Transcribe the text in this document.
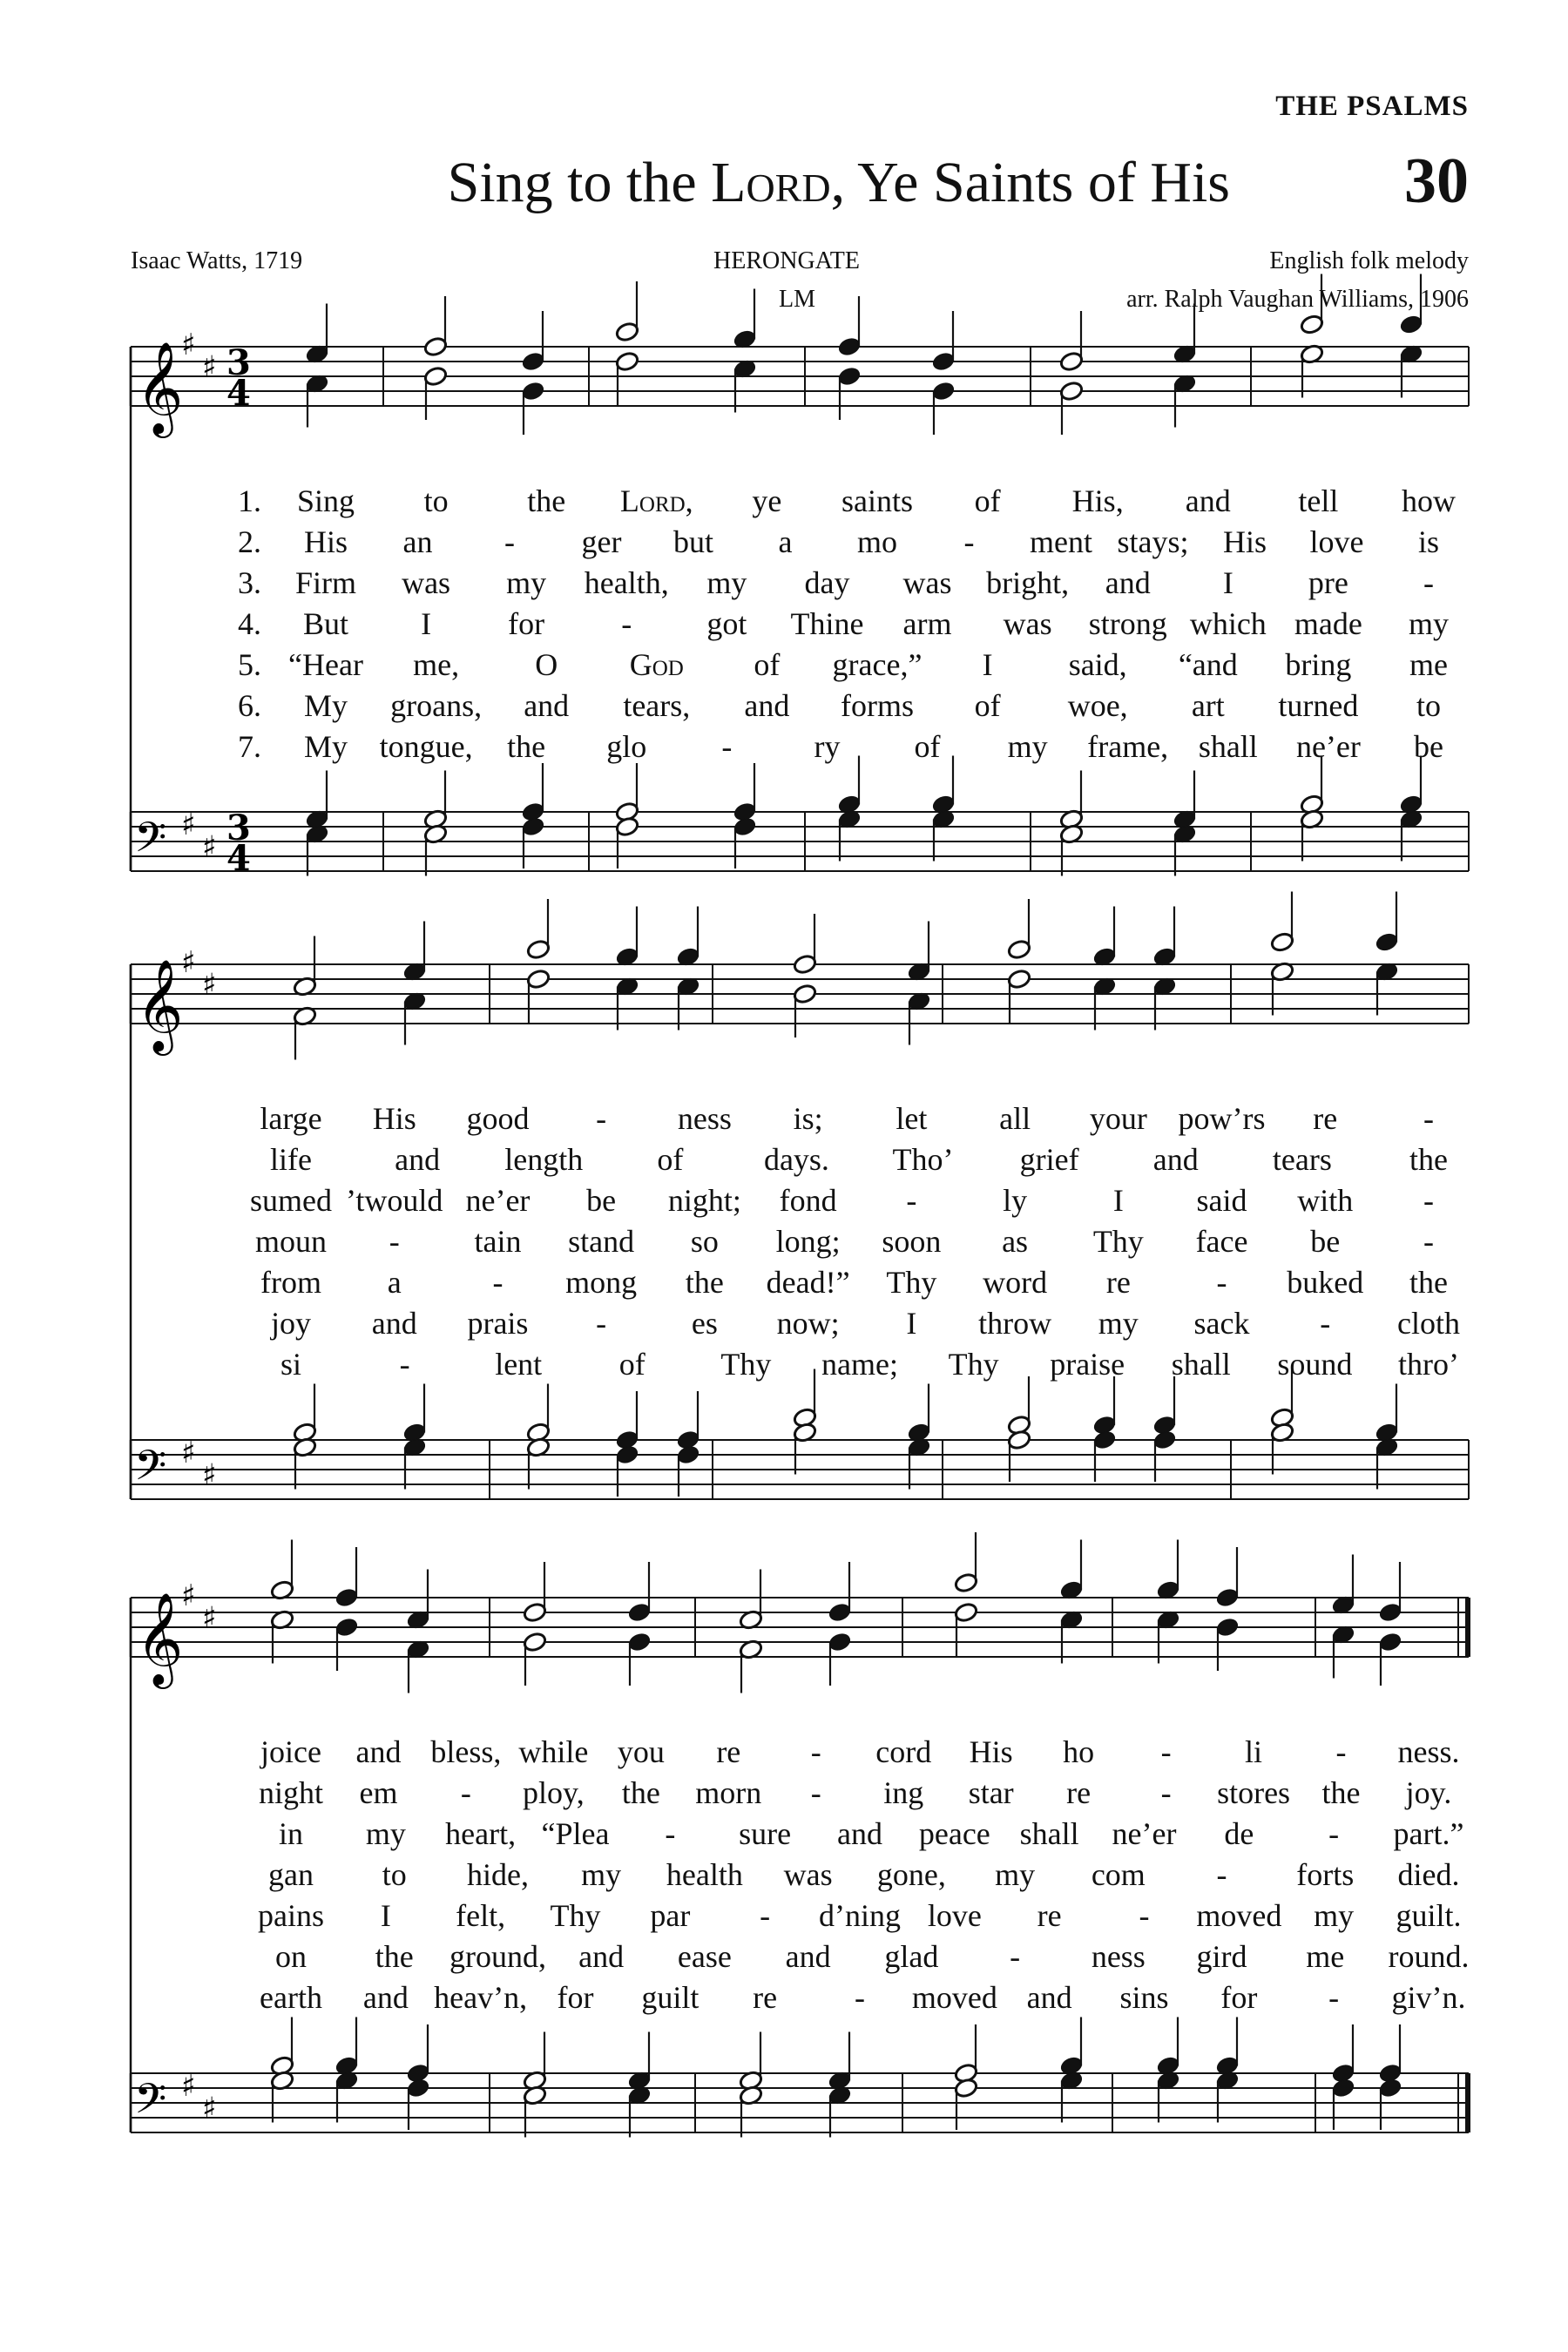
THE PSALMS
Sing to the Lord, Ye Saints of His	30
Isaac Watts, 1719	HERONGATE
LM
English folk melody
arr. Ralph Vaughan Williams, 1906
𝄞
♯
♯ 3
4
𝄢 ♯
♯ 3
4
𝄞
♯
♯
𝄢 ♯
♯
𝄞
♯
♯
𝄢 ♯
♯
1. Sing to	the Lord, ye saints of His, and tell how
2. His an - ger but a mo - ment stays; His love is
3. Firm was my health, my day was bright, and I pre -
4. But I for - got Thine arm was strong which made my
5. “Hear me, O God of grace,” I said, “and bring me
6. My groans, and tears, and forms of woe, art turned to
7. My tongue, the glo -	ry of my frame, shall ne’er be
large His good - ness is; let all your pow’rs re	-
life	and length of	days. Tho’ grief and tears the
sumed ’twould ne’er be night; fond -	ly	I said with -
moun - tain stand so long; soon as Thy face be	-
from a	- mong the dead!” Thy word re	- buked the
joy and prais -	es now; I throw my sack - cloth
si	-	lent of Thy name; Thy praise shall sound thro’
joice and bless, while you re - cord His ho - li - ness.
night em - ploy, the morn - ing star re - stores the joy.
in my heart, “Plea - sure and peace shall ne’er de - part.”
gan to hide, my health was gone, my com - forts died.
pains I felt, Thy par - d’ning love re - moved my guilt.
on the ground, and ease and glad - ness gird me round.
earth and heav’n, for guilt re - moved and sins for - giv’n.
